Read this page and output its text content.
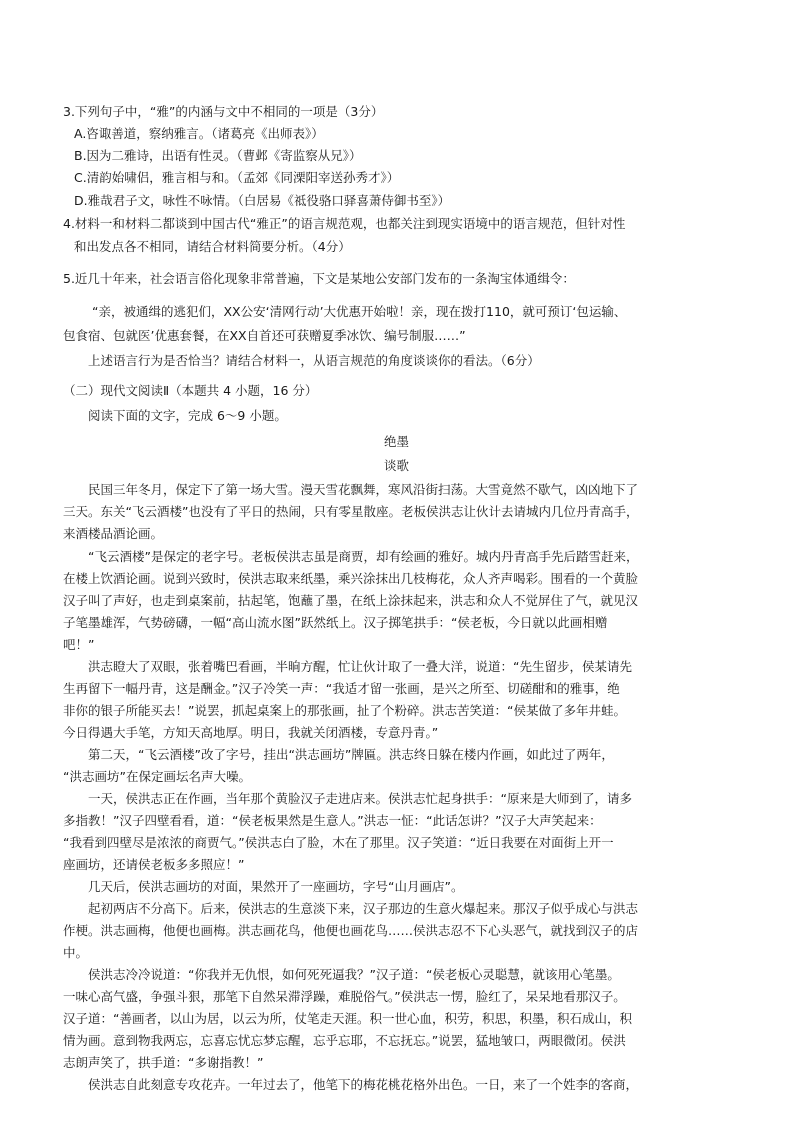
3.下列句子中，“雅”的内涵与文中不相同的一项是（3分）
A.咨诹善道，察纳雅言。（诸葛亮《出师表》）
B.因为二雅诗，出语有性灵。（曹邺《寄监察从兄》）
C.清韵始啸侣，雅言相与和。（孟郊《同溧阳宰送孙秀才》）
D.雅哉君子文，咏性不咏情。（白居易《祗役骆口驿喜萧侍御书至》）
4.材料一和材料二都谈到中国古代“雅正”的语言规范观，也都关注到现实语境中的语言规范，但针对性
和出发点各不相同，请结合材料简要分析。（4分）
5.近几十年来，社会语言俗化现象非常普遍，下文是某地公安部门发布的一条淘宝体通缉令：
“亲，被通缉的逃犯们，XX公安‘清网行动’大优惠开始啦！亲，现在拨打110，就可预订‘包运输、
包食宿、包就医’优惠套餐，在XX自首还可获赠夏季冰饮、编号制服……”
上述语言行为是否恰当？请结合材料一，从语言规范的角度谈谈你的看法。（6分）
（二）现代文阅读Ⅱ（本题共 4 小题，16 分）
阅读下面的文字，完成 6～9 小题。
绝墨
谈歌
民国三年冬月，保定下了第一场大雪。漫天雪花飘舞，寒风沿街扫荡。大雪竟然不歇气，凶凶地下了
三天。东关“飞云酒楼”也没有了平日的热闹，只有零星散座。老板侯洪志让伙计去请城内几位丹青高手，
来酒楼品酒论画。
“飞云酒楼”是保定的老字号。老板侯洪志虽是商贾，却有绘画的雅好。城内丹青高手先后踏雪赶来，
在楼上饮酒论画。说到兴致时，侯洪志取来纸墨，乘兴涂抹出几枝梅花，众人齐声喝彩。围看的一个黄脸
汉子叫了声好，也走到桌案前，拈起笔，饱蘸了墨，在纸上涂抹起来，洪志和众人不觉屏住了气，就见汉
子笔墨雄浑，气势磅礴，一幅“高山流水图”跃然纸上。汉子掷笔拱手：“侯老板，今日就以此画相赠
吧！”
洪志瞪大了双眼，张着嘴巴看画，半晌方醒，忙让伙计取了一叠大洋，说道：“先生留步，侯某请先
生再留下一幅丹青，这是酬金。”汉子冷笑一声：“我适才留一张画，是兴之所至、切磋酣和的雅事，绝
非你的银子所能买去！”说罢，抓起桌案上的那张画，扯了个粉碎。洪志苦笑道：“侯某做了多年井蛙。
今日得遇大手笔，方知天高地厚。明日，我就关闭酒楼，专意丹青。”
第二天，“飞云酒楼”改了字号，挂出“洪志画坊”牌匾。洪志终日躲在楼内作画，如此过了两年，
“洪志画坊”在保定画坛名声大噪。
一天，侯洪志正在作画，当年那个黄脸汉子走进店来。侯洪志忙起身拱手：“原来是大师到了，请多
多指教！”汉子四壁看看，道：“侯老板果然是生意人。”洪志一怔：“此话怎讲？”汉子大声笑起来：
“我看到四壁尽是浓浓的商贾气。”侯洪志白了脸，木在了那里。汉子笑道：“近日我要在对面街上开一
座画坊，还请侯老板多多照应！”
几天后，侯洪志画坊的对面，果然开了一座画坊，字号“山月画店”。
起初两店不分高下。后来，侯洪志的生意淡下来，汉子那边的生意火爆起来。那汉子似乎成心与洪志
作梗。洪志画梅，他便也画梅。洪志画花鸟，他便也画花鸟……侯洪志忍不下心头恶气，就找到汉子的店
中。
侯洪志冷冷说道：“你我并无仇恨，如何死死逼我？”汉子道：“侯老板心灵聪慧，就该用心笔墨。
一味心高气盛，争强斗狠，那笔下自然呆滞浮躁，难脱俗气。”侯洪志一愣，脸红了，呆呆地看那汉子。
汉子道：“善画者，以山为居，以云为所，仗笔走天涯。积一世心血，积劳，积思，积墨，积石成山，积
情为画。意到物我两忘，忘喜忘忧忘梦忘醒，忘乎忘耶，不忘抚忘。”说罢，猛地皱口，两眼微闭。侯洪
志朗声笑了，拱手道：“多谢指教！”
侯洪志自此刻意专攻花卉。一年过去了，他笔下的梅花桃花格外出色。一日，来了一个姓李的客商，
